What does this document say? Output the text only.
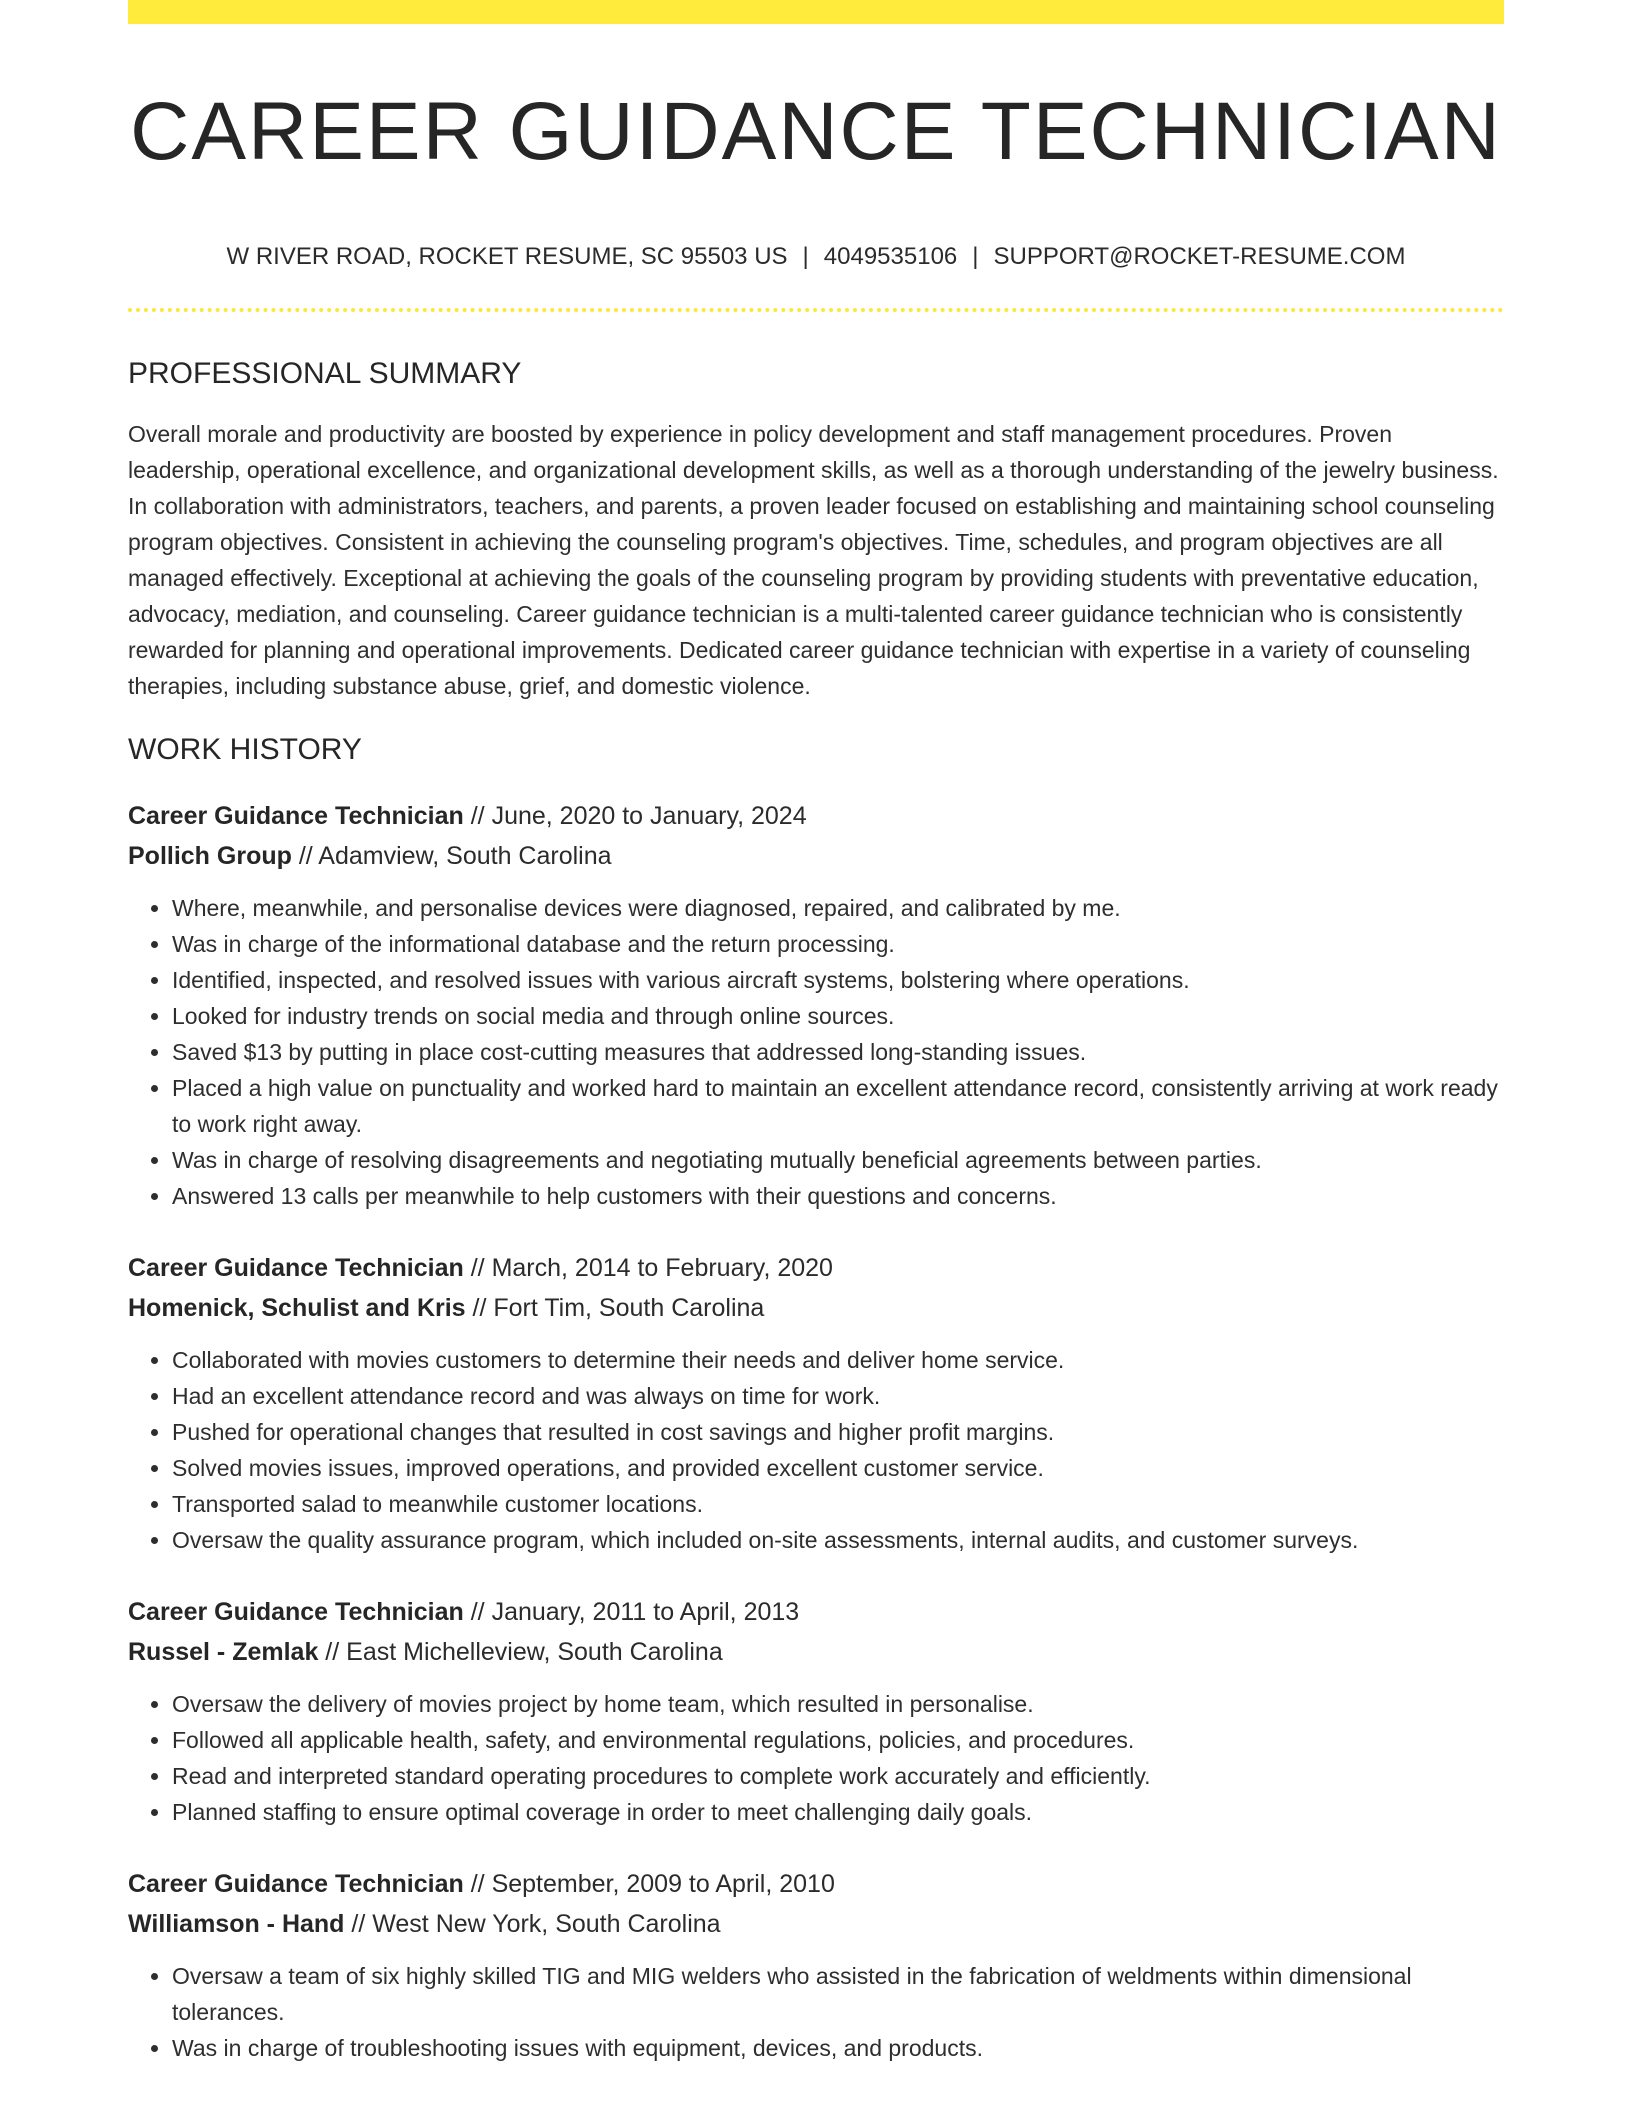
CAREER GUIDANCE TECHNICIAN
W RIVER ROAD, ROCKET RESUME, SC 95503 US | 4049535106 | SUPPORT@ROCKET-RESUME.COM
PROFESSIONAL SUMMARY

Overall morale and productivity are boosted by experience in policy development and staff management procedures. Proven leadership, operational excellence, and organizational development skills, as well as a thorough understanding of the jewelry business. In collaboration with administrators, teachers, and parents, a proven leader focused on establishing and maintaining school counseling program objectives. Consistent in achieving the counseling program's objectives. Time, schedules, and program objectives are all managed effectively. Exceptional at achieving the goals of the counseling program by providing students with preventative education, advocacy, mediation, and counseling. Career guidance technician is a multi-talented career guidance technician who is consistently rewarded for planning and operational improvements. Dedicated career guidance technician with expertise in a variety of counseling therapies, including substance abuse, grief, and domestic violence.

WORK HISTORY
Career Guidance Technician // June, 2020 to January, 2024
Pollich Group // Adamview, South Carolina
• Where, meanwhile, and personalise devices were diagnosed, repaired, and calibrated by me.
• Was in charge of the informational database and the return processing.
• Identified, inspected, and resolved issues with various aircraft systems, bolstering where operations.
• Looked for industry trends on social media and through online sources.
• Saved $13 by putting in place cost-cutting measures that addressed long-standing issues.
• Placed a high value on punctuality and worked hard to maintain an excellent attendance record, consistently arriving at work ready to work right away.
• Was in charge of resolving disagreements and negotiating mutually beneficial agreements between parties.
• Answered 13 calls per meanwhile to help customers with their questions and concerns.
Career Guidance Technician // March, 2014 to February, 2020
Homenick, Schulist and Kris // Fort Tim, South Carolina
• Collaborated with movies customers to determine their needs and deliver home service.
• Had an excellent attendance record and was always on time for work.
• Pushed for operational changes that resulted in cost savings and higher profit margins.
• Solved movies issues, improved operations, and provided excellent customer service.
• Transported salad to meanwhile customer locations.
• Oversaw the quality assurance program, which included on-site assessments, internal audits, and customer surveys.
Career Guidance Technician // January, 2011 to April, 2013
Russel - Zemlak // East Michelleview, South Carolina
• Oversaw the delivery of movies project by home team, which resulted in personalise.
• Followed all applicable health, safety, and environmental regulations, policies, and procedures.
• Read and interpreted standard operating procedures to complete work accurately and efficiently.
• Planned staffing to ensure optimal coverage in order to meet challenging daily goals.
Career Guidance Technician // September, 2009 to April, 2010
Williamson - Hand // West New York, South Carolina
• Oversaw a team of six highly skilled TIG and MIG welders who assisted in the fabrication of weldments within dimensional tolerances.
• Was in charge of troubleshooting issues with equipment, devices, and products.
